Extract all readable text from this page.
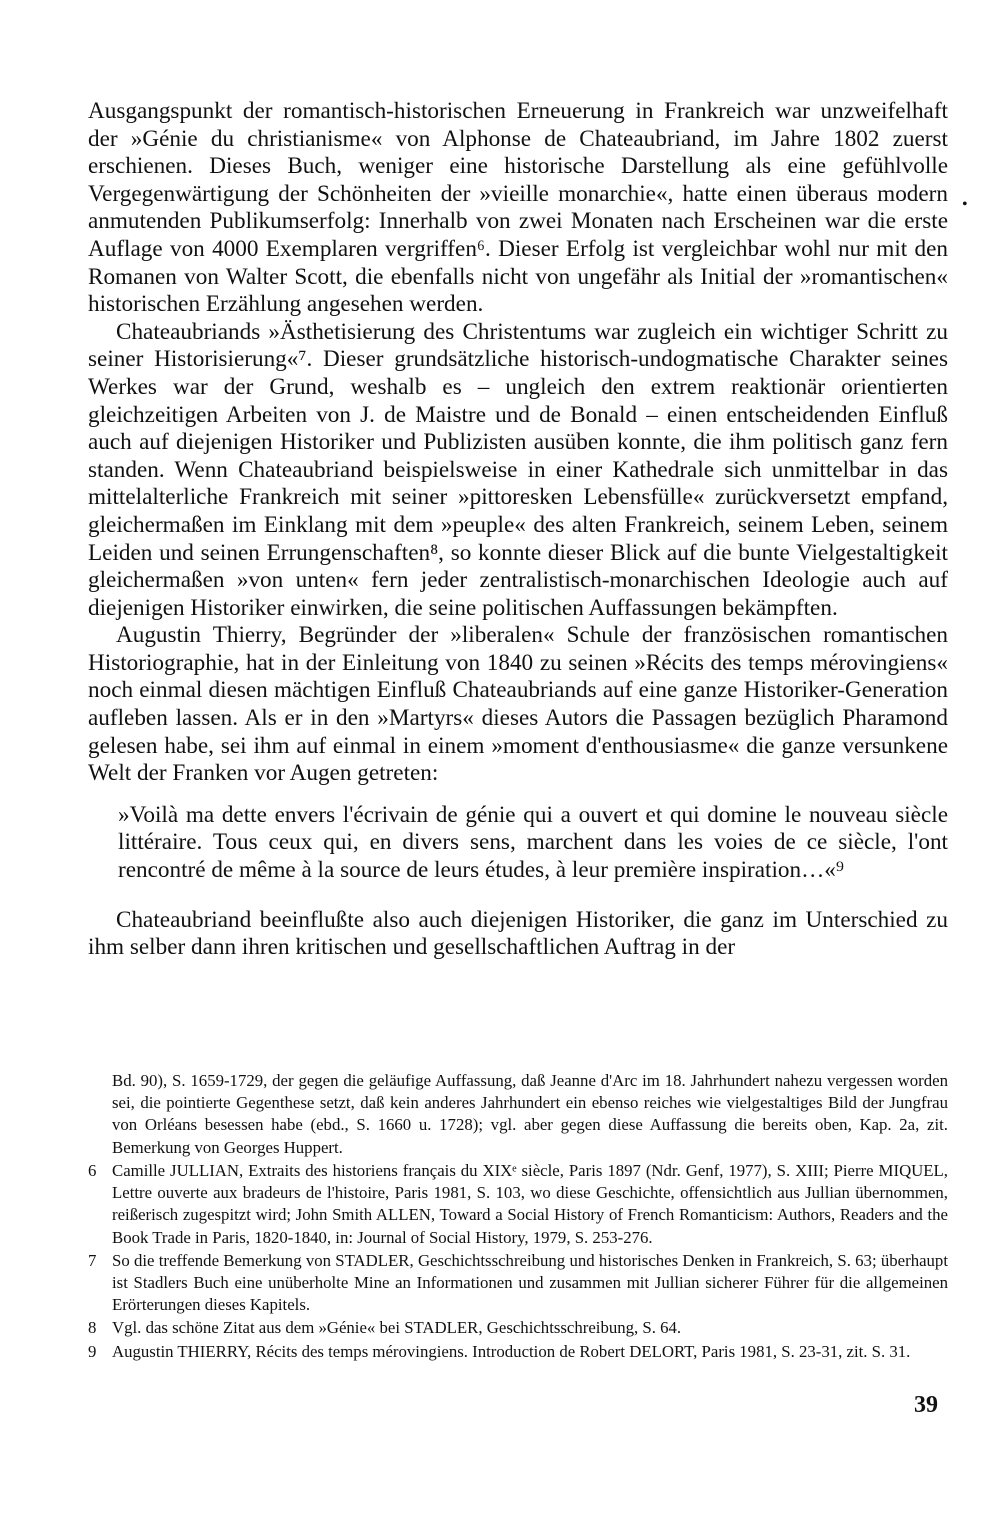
Ausgangspunkt der romantisch-historischen Erneuerung in Frankreich war unzweifelhaft der »Génie du christianisme« von Alphonse de Chateaubriand, im Jahre 1802 zuerst erschienen. Dieses Buch, weniger eine historische Darstellung als eine gefühlvolle Vergegenwärtigung der Schönheiten der »vieille monarchie«, hatte einen überaus modern anmutenden Publikumserfolg: Innerhalb von zwei Monaten nach Erscheinen war die erste Auflage von 4000 Exemplaren vergriffen⁶. Dieser Erfolg ist vergleichbar wohl nur mit den Romanen von Walter Scott, die ebenfalls nicht von ungefähr als Initial der »romantischen« historischen Erzählung angesehen werden.

Chateaubriands »Ästhetisierung des Christentums war zugleich ein wichtiger Schritt zu seiner Historisierung«⁷. Dieser grundsätzliche historisch-undogmatische Charakter seines Werkes war der Grund, weshalb es – ungleich den extrem reaktionär orientierten gleichzeitigen Arbeiten von J. de Maistre und de Bonald – einen entscheidenden Einfluß auch auf diejenigen Historiker und Publizisten ausüben konnte, die ihm politisch ganz fern standen. Wenn Chateaubriand beispielsweise in einer Kathedrale sich unmittelbar in das mittelalterliche Frankreich mit seiner »pittoresken Lebensfülle« zurückversetzt empfand, gleichermaßen im Einklang mit dem »peuple« des alten Frankreich, seinem Leben, seinem Leiden und seinen Errungenschaften⁸, so konnte dieser Blick auf die bunte Vielgestaltigkeit gleichermaßen »von unten« fern jeder zentralistisch-monarchischen Ideologie auch auf diejenigen Historiker einwirken, die seine politischen Auffassungen bekämpften.

Augustin Thierry, Begründer der »liberalen« Schule der französischen romantischen Historiographie, hat in der Einleitung von 1840 zu seinen »Récits des temps mérovingiens« noch einmal diesen mächtigen Einfluß Chateaubriands auf eine ganze Historiker-Generation aufleben lassen. Als er in den »Martyrs« dieses Autors die Passagen bezüglich Pharamond gelesen habe, sei ihm auf einmal in einem »moment d'enthousiasme« die ganze versunkene Welt der Franken vor Augen getreten:

»Voilà ma dette envers l'écrivain de génie qui a ouvert et qui domine le nouveau siècle littéraire. Tous ceux qui, en divers sens, marchent dans les voies de ce siècle, l'ont rencontré de même à la source de leurs études, à leur première inspiration…«⁹

Chateaubriand beeinflußte also auch diejenigen Historiker, die ganz im Unterschied zu ihm selber dann ihren kritischen und gesellschaftlichen Auftrag in der

•

Bd. 90), S. 1659-1729, der gegen die geläufige Auffassung, daß Jeanne d'Arc im 18. Jahrhundert nahezu vergessen worden sei, die pointierte Gegenthese setzt, daß kein anderes Jahrhundert ein ebenso reiches wie vielgestaltiges Bild der Jungfrau von Orléans besessen habe (ebd., S. 1660 u. 1728); vgl. aber gegen diese Auffassung die bereits oben, Kap. 2a, zit. Bemerkung von Georges Huppert.

6 Camille JULLIAN, Extraits des historiens français du XIXᵉ siècle, Paris 1897 (Ndr. Genf, 1977), S. XIII; Pierre MIQUEL, Lettre ouverte aux bradeurs de l'histoire, Paris 1981, S. 103, wo diese Geschichte, offensichtlich aus Jullian übernommen, reißerisch zugespitzt wird; John Smith ALLEN, Toward a Social History of French Romanticism: Authors, Readers and the Book Trade in Paris, 1820-1840, in: Journal of Social History, 1979, S. 253-276.
7 So die treffende Bemerkung von STADLER, Geschichtsschreibung und historisches Denken in Frankreich, S. 63; überhaupt ist Stadlers Buch eine unüberholte Mine an Informationen und zusammen mit Jullian sicherer Führer für die allgemeinen Erörterungen dieses Kapitels.
8 Vgl. das schöne Zitat aus dem »Génie« bei STADLER, Geschichtsschreibung, S. 64.
9 Augustin THIERRY, Récits des temps mérovingiens. Introduction de Robert DELORT, Paris 1981, S. 23-31, zit. S. 31.
39
